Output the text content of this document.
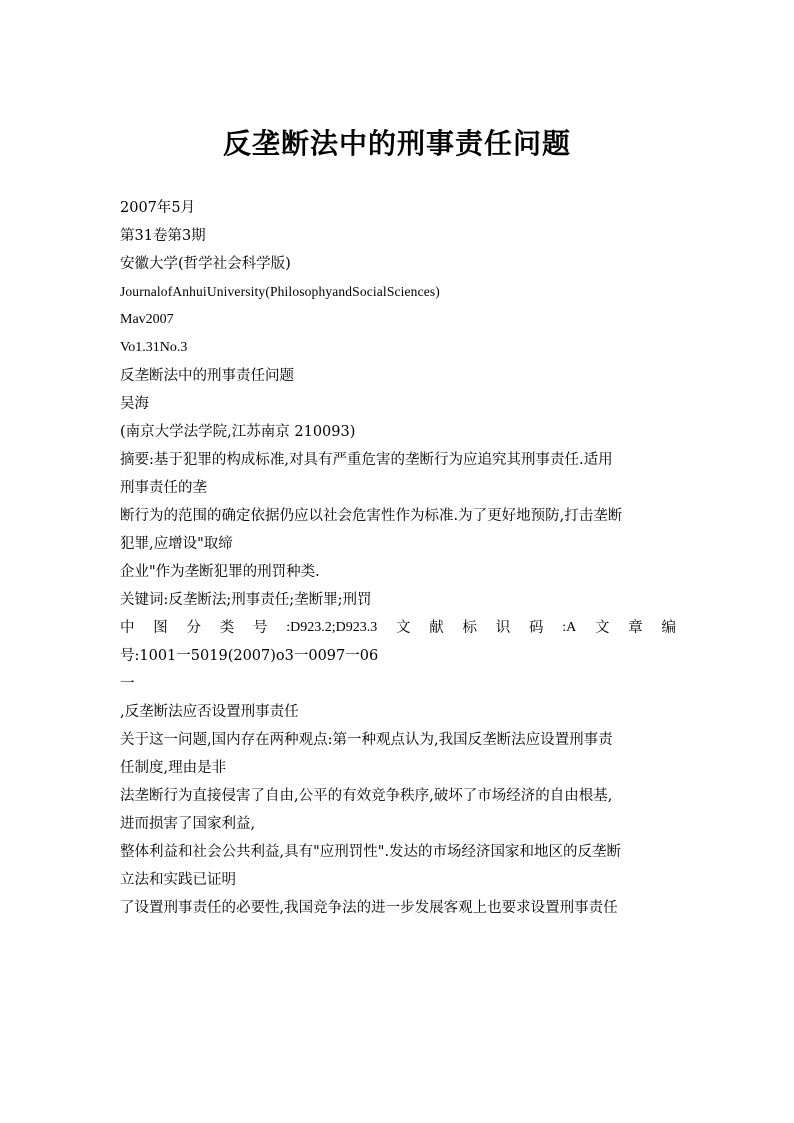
反垄断法中的刑事责任问题
2007年5月
第31卷第3期
安徽大学(哲学社会科学版)
JournalofAnhuiUniversity(PhilosophyandSocialSciences)
Mav2007
Vo1.31No.3
反垄断法中的刑事责任问题
吴海
(南京大学法学院,江苏南京 210093)
摘要:基于犯罪的构成标准,对具有严重危害的垄断行为应追究其刑事责任.适用
刑事责任的垄
断行为的范围的确定依据仍应以社会危害性作为标准.为了更好地预防,打击垄断
犯罪,应增设"取缔
企业"作为垄断犯罪的刑罚种类.
关键词:反垄断法;刑事责任;垄断罪;刑罚
中 图 分 类 号 :D923.2;D923.3 文 献 标 识 码 :A 文 章 编
号:1001一5019(2007)o3一0097一06
一
,反垄断法应否设置刑事责任
关于这一问题,国内存在两种观点:第一种观点认为,我国反垄断法应设置刑事责
任制度,理由是非
法垄断行为直接侵害了自由,公平的有效竞争秩序,破坏了市场经济的自由根基,
进而损害了国家利益,
整体利益和社会公共利益,具有"应刑罚性".发达的市场经济国家和地区的反垄断
立法和实践已证明
了设置刑事责任的必要性,我国竞争法的进一步发展客观上也要求设置刑事责任
